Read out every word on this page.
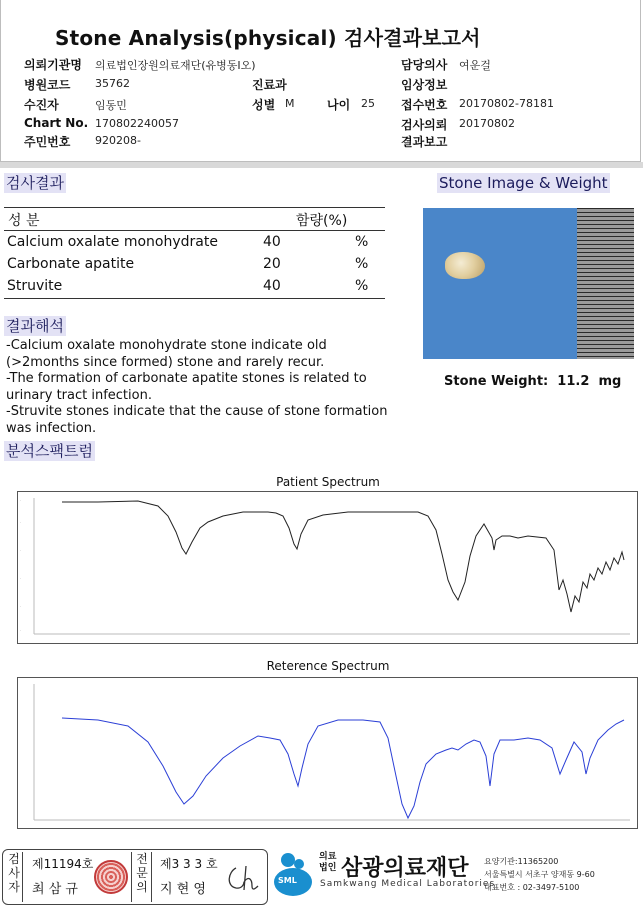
Stone Analysis(physical) 검사결과보고서
의뢰기관명 의료법인장원의료재단(유병동I오)
병원코드 35762
수진자	임동민
Chart No. 170802240057
주민번호 920208-
진료과
성별 M	나이 25
담당의사 여운걸
임상정보
접수번호 20170802-78181
검사의뢰 20170802
결과보고
검사결과
성 분	함량(%)
Calcium oxalate monohydrate	40	%
Carbonate apatite	20	%
Struvite	40	%
결과해석
-Calcium oxalate monohydrate stone indicate old
(>2months since formed) stone and rarely recur.
-The formation of carbonate apatite stones is related to
urinary tract infection.
-Struvite stones indicate that the cause of stone formation
was infection.
Stone Image & Weight
Stone Weight: 11.2 mg
분석스팩트럼
Patient Spectrum
·
·
·
·
·
·
Reterence Spectrum
검사자
제11194호
최 삼 규
전문의
제3 3 3 호
지 현 영
SML
의료
법인 삼광의료재단
Samkwang Medical Laboratories
요양기관:11365200
서울특별시 서초구 양재동 9-60
대표번호 : 02-3497-5100
